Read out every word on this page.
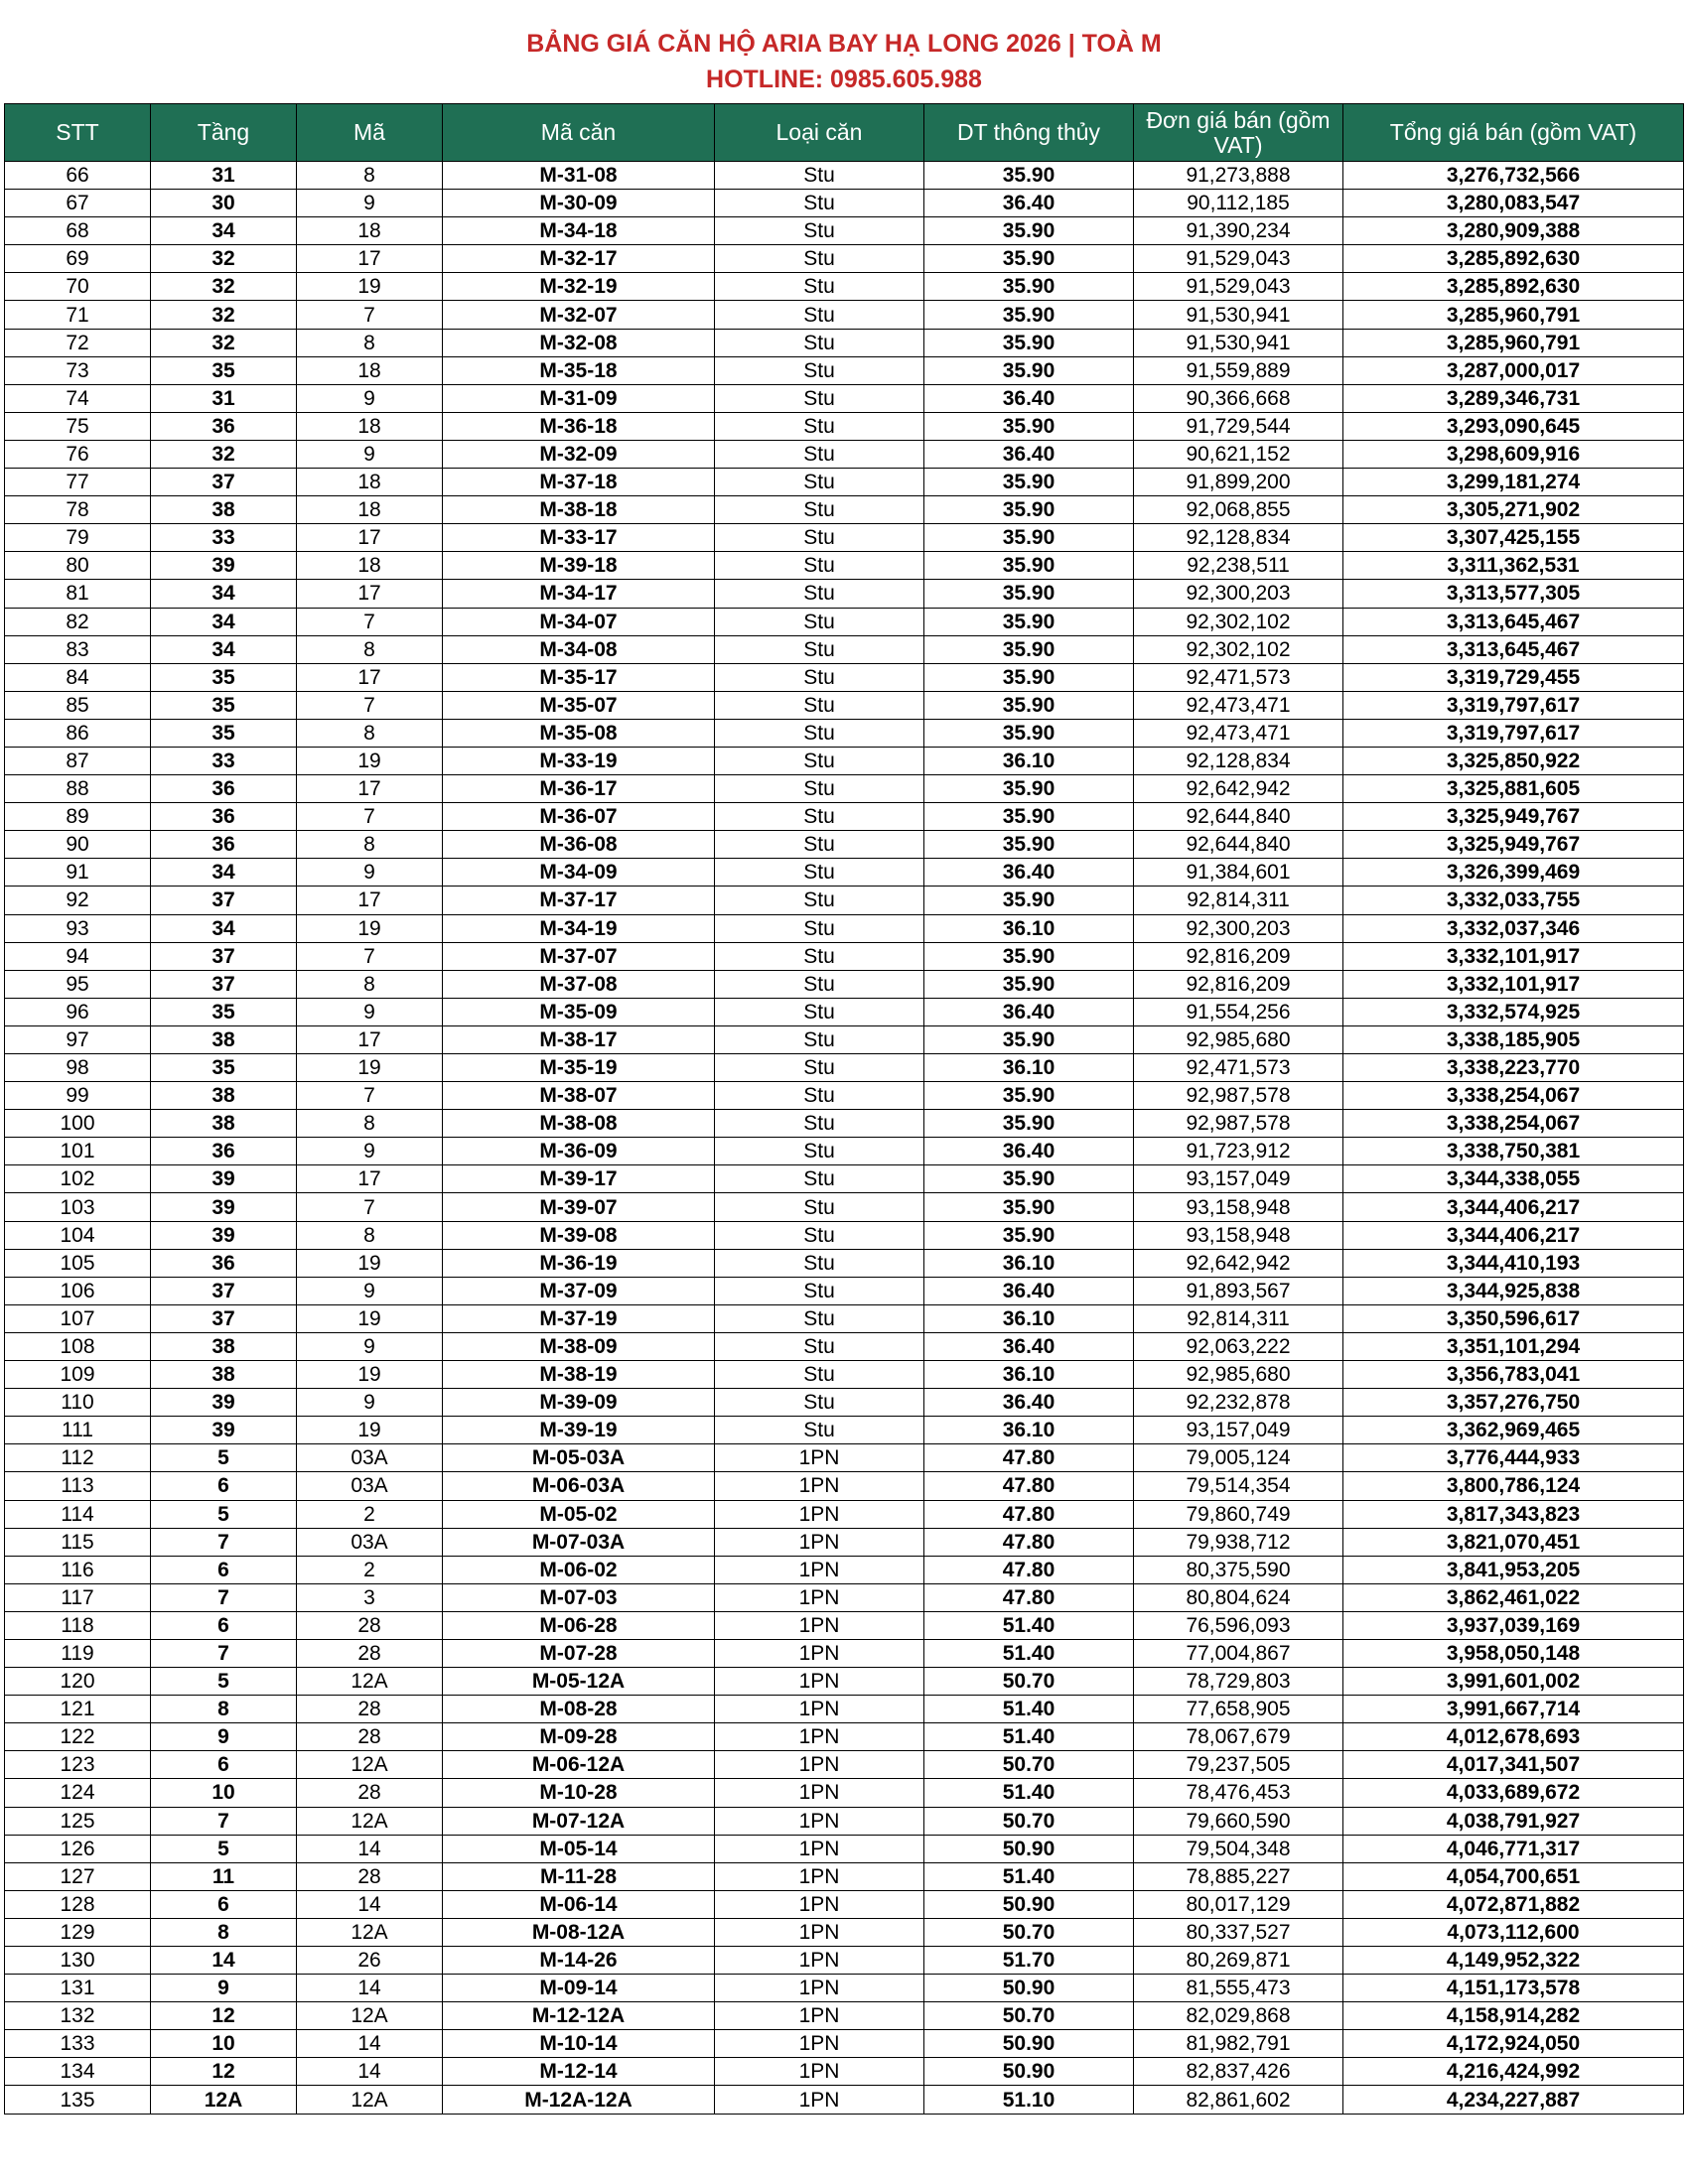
BẢNG GIÁ CĂN HỘ ARIA BAY HẠ LONG 2026 | TOÀ M
HOTLINE: 0985.605.988
STT	Tầng	Mã	Mã căn	Loại căn	DT thông thủy	Đơn giá bán (gồm VAT)	Tổng giá bán (gồm VAT)
66	31	8	M-31-08	Stu	35.90	91,273,888	3,276,732,566
67	30	9	M-30-09	Stu	36.40	90,112,185	3,280,083,547
68	34	18	M-34-18	Stu	35.90	91,390,234	3,280,909,388
69	32	17	M-32-17	Stu	35.90	91,529,043	3,285,892,630
70	32	19	M-32-19	Stu	35.90	91,529,043	3,285,892,630
71	32	7	M-32-07	Stu	35.90	91,530,941	3,285,960,791
72	32	8	M-32-08	Stu	35.90	91,530,941	3,285,960,791
73	35	18	M-35-18	Stu	35.90	91,559,889	3,287,000,017
74	31	9	M-31-09	Stu	36.40	90,366,668	3,289,346,731
75	36	18	M-36-18	Stu	35.90	91,729,544	3,293,090,645
76	32	9	M-32-09	Stu	36.40	90,621,152	3,298,609,916
77	37	18	M-37-18	Stu	35.90	91,899,200	3,299,181,274
78	38	18	M-38-18	Stu	35.90	92,068,855	3,305,271,902
79	33	17	M-33-17	Stu	35.90	92,128,834	3,307,425,155
80	39	18	M-39-18	Stu	35.90	92,238,511	3,311,362,531
81	34	17	M-34-17	Stu	35.90	92,300,203	3,313,577,305
82	34	7	M-34-07	Stu	35.90	92,302,102	3,313,645,467
83	34	8	M-34-08	Stu	35.90	92,302,102	3,313,645,467
84	35	17	M-35-17	Stu	35.90	92,471,573	3,319,729,455
85	35	7	M-35-07	Stu	35.90	92,473,471	3,319,797,617
86	35	8	M-35-08	Stu	35.90	92,473,471	3,319,797,617
87	33	19	M-33-19	Stu	36.10	92,128,834	3,325,850,922
88	36	17	M-36-17	Stu	35.90	92,642,942	3,325,881,605
89	36	7	M-36-07	Stu	35.90	92,644,840	3,325,949,767
90	36	8	M-36-08	Stu	35.90	92,644,840	3,325,949,767
91	34	9	M-34-09	Stu	36.40	91,384,601	3,326,399,469
92	37	17	M-37-17	Stu	35.90	92,814,311	3,332,033,755
93	34	19	M-34-19	Stu	36.10	92,300,203	3,332,037,346
94	37	7	M-37-07	Stu	35.90	92,816,209	3,332,101,917
95	37	8	M-37-08	Stu	35.90	92,816,209	3,332,101,917
96	35	9	M-35-09	Stu	36.40	91,554,256	3,332,574,925
97	38	17	M-38-17	Stu	35.90	92,985,680	3,338,185,905
98	35	19	M-35-19	Stu	36.10	92,471,573	3,338,223,770
99	38	7	M-38-07	Stu	35.90	92,987,578	3,338,254,067
100	38	8	M-38-08	Stu	35.90	92,987,578	3,338,254,067
101	36	9	M-36-09	Stu	36.40	91,723,912	3,338,750,381
102	39	17	M-39-17	Stu	35.90	93,157,049	3,344,338,055
103	39	7	M-39-07	Stu	35.90	93,158,948	3,344,406,217
104	39	8	M-39-08	Stu	35.90	93,158,948	3,344,406,217
105	36	19	M-36-19	Stu	36.10	92,642,942	3,344,410,193
106	37	9	M-37-09	Stu	36.40	91,893,567	3,344,925,838
107	37	19	M-37-19	Stu	36.10	92,814,311	3,350,596,617
108	38	9	M-38-09	Stu	36.40	92,063,222	3,351,101,294
109	38	19	M-38-19	Stu	36.10	92,985,680	3,356,783,041
110	39	9	M-39-09	Stu	36.40	92,232,878	3,357,276,750
111	39	19	M-39-19	Stu	36.10	93,157,049	3,362,969,465
112	5	03A	M-05-03A	1PN	47.80	79,005,124	3,776,444,933
113	6	03A	M-06-03A	1PN	47.80	79,514,354	3,800,786,124
114	5	2	M-05-02	1PN	47.80	79,860,749	3,817,343,823
115	7	03A	M-07-03A	1PN	47.80	79,938,712	3,821,070,451
116	6	2	M-06-02	1PN	47.80	80,375,590	3,841,953,205
117	7	3	M-07-03	1PN	47.80	80,804,624	3,862,461,022
118	6	28	M-06-28	1PN	51.40	76,596,093	3,937,039,169
119	7	28	M-07-28	1PN	51.40	77,004,867	3,958,050,148
120	5	12A	M-05-12A	1PN	50.70	78,729,803	3,991,601,002
121	8	28	M-08-28	1PN	51.40	77,658,905	3,991,667,714
122	9	28	M-09-28	1PN	51.40	78,067,679	4,012,678,693
123	6	12A	M-06-12A	1PN	50.70	79,237,505	4,017,341,507
124	10	28	M-10-28	1PN	51.40	78,476,453	4,033,689,672
125	7	12A	M-07-12A	1PN	50.70	79,660,590	4,038,791,927
126	5	14	M-05-14	1PN	50.90	79,504,348	4,046,771,317
127	11	28	M-11-28	1PN	51.40	78,885,227	4,054,700,651
128	6	14	M-06-14	1PN	50.90	80,017,129	4,072,871,882
129	8	12A	M-08-12A	1PN	50.70	80,337,527	4,073,112,600
130	14	26	M-14-26	1PN	51.70	80,269,871	4,149,952,322
131	9	14	M-09-14	1PN	50.90	81,555,473	4,151,173,578
132	12	12A	M-12-12A	1PN	50.70	82,029,868	4,158,914,282
133	10	14	M-10-14	1PN	50.90	81,982,791	4,172,924,050
134	12	14	M-12-14	1PN	50.90	82,837,426	4,216,424,992
135	12A	12A	M-12A-12A	1PN	51.10	82,861,602	4,234,227,887
